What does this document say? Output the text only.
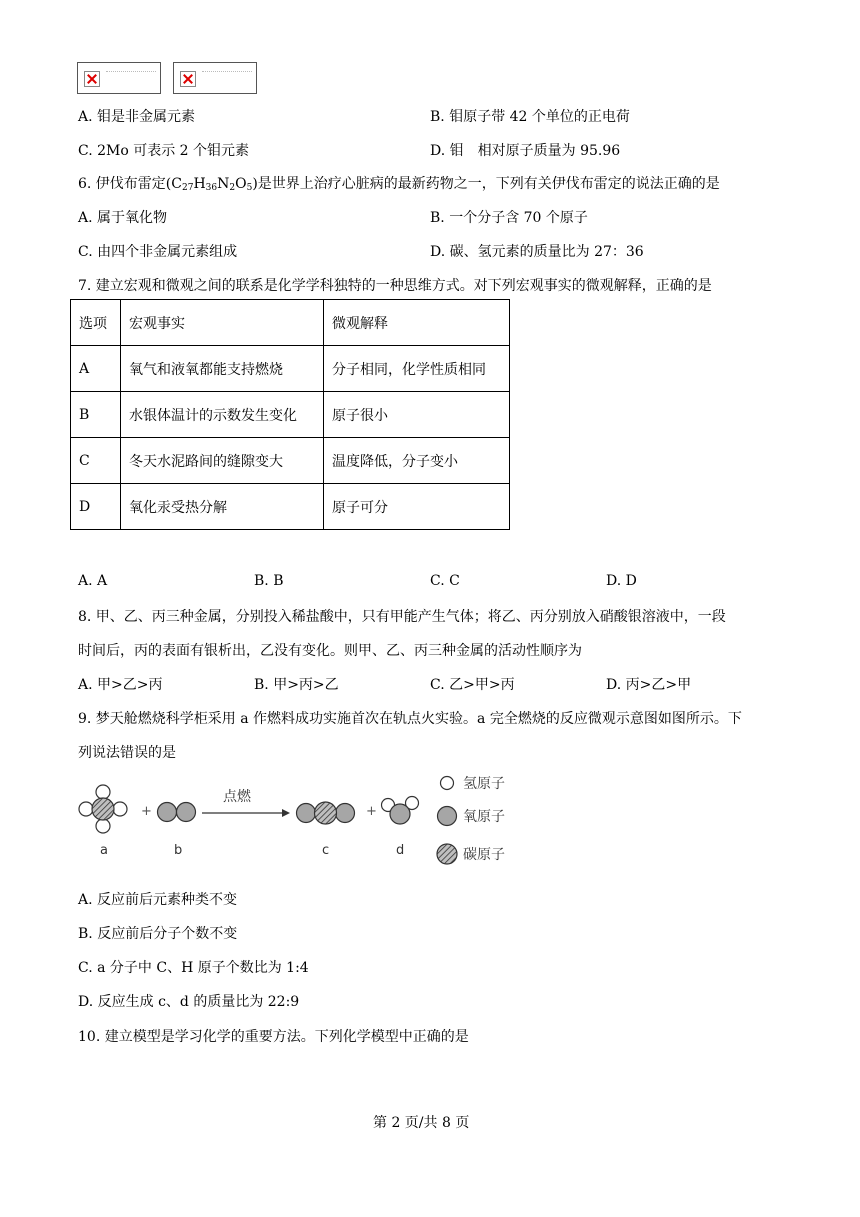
A. 钼是非金属元素	B. 钼原子带 42 个单位的正电荷
C. 2Mo 可表示 2 个钼元素	D. 钼　相对原子质量为 95.96
6. 伊伐布雷定$(C_{27}H_{36}N_2O_5)$是世界上治疗心脏病的最新药物之一，下列有关伊伐布雷定的说法正确的是
A. 属于氧化物	B. 一个分子含 70 个原子
C. 由四个非金属元素组成	D. 碳、氢元素的质量比为 27：36
7. 建立宏观和微观之间的联系是化学学科独特的一种思维方式。对下列宏观事实的微观解释，正确的是
选项	宏观事实	微观解释
A	氧气和液氧都能支持燃烧	分子相同，化学性质相同
B	水银体温计的示数发生变化	原子很小
C	冬天水泥路间的缝隙变大	温度降低，分子变小
D	氧化汞受热分解	原子可分
A. A	B. B	C. C	D. D
8. 甲、乙、丙三种金属，分别投入稀盐酸中，只有甲能产生气体；将乙、丙分别放入硝酸银溶液中，一段
时间后，丙的表面有银析出，乙没有变化。则甲、乙、丙三种金属的活动性顺序为
A. 甲>乙>丙	B. 甲>丙>乙	C. 乙>甲>丙	D. 丙>乙>甲
9. 梦天舱燃烧科学柜采用 a 作燃料成功实施首次在轨点火实验。a 完全燃烧的反应微观示意图如图所示。下
列说法错误的是
+
点燃
+
a	b	c	d
氢原子
氧原子
碳原子
A. 反应前后元素种类不变
B. 反应前后分子个数不变
C. a 分子中 C、H 原子个数比为 1:4
D. 反应生成 c、d 的质量比为 22:9
10. 建立模型是学习化学的重要方法。下列化学模型中正确的是
第 2 页/共 8 页
